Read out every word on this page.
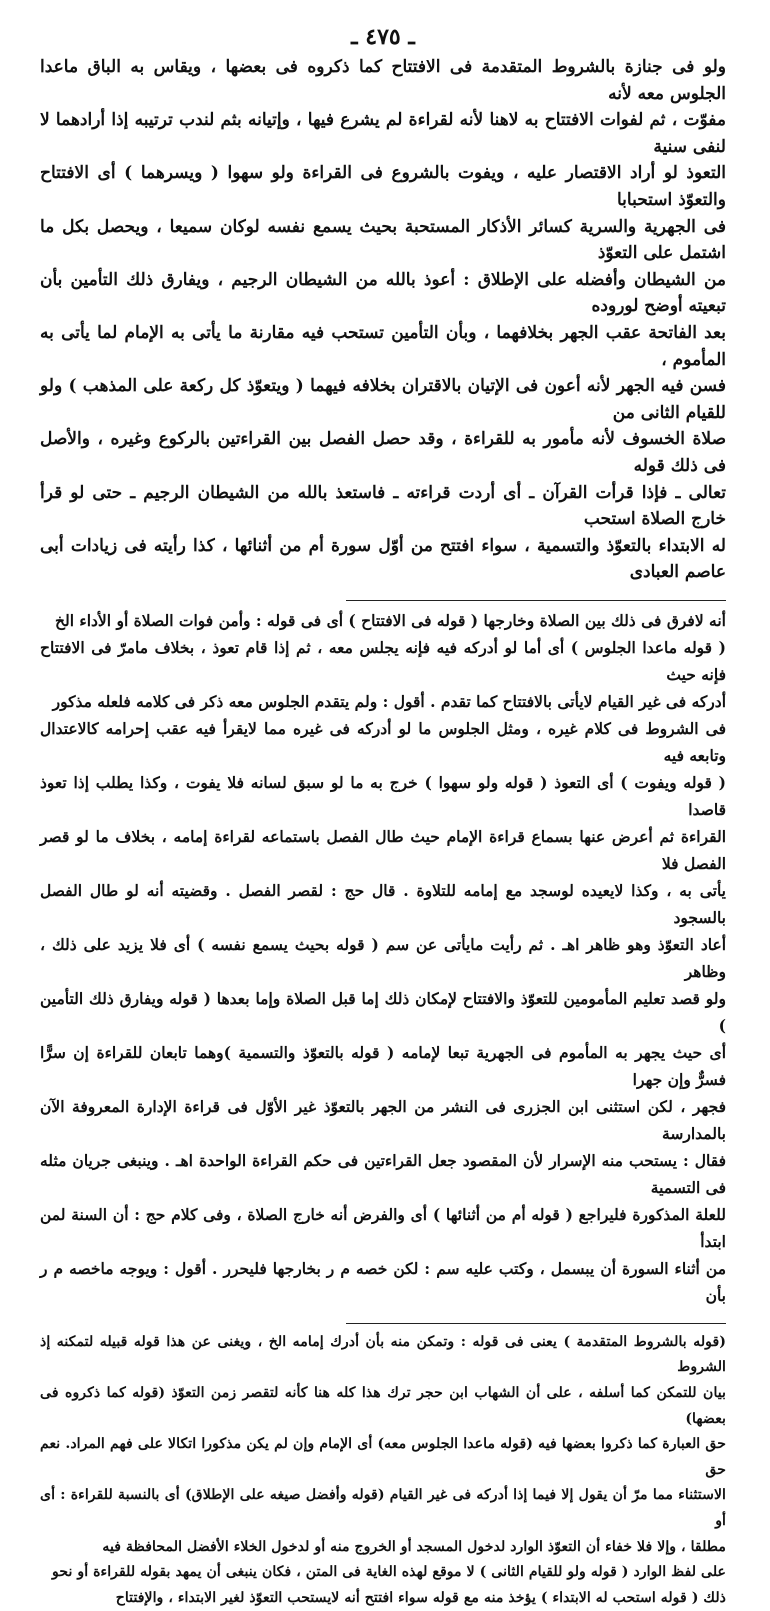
ـ ٤٧٥ ـ

ولو فى جنازة بالشروط المتقدمة فى الافتتاح كما ذكروه فى بعضها ، ويقاس به الباق ماعدا الجلوس معه لأنه

مفوّت ، ثم لفوات الافتتاح به لاهنا لأنه لقراءة لم يشرع فيها ، وإتيانه بثم لندب ترتيبه إذا أرادهما لا لنفى سنية

التعوذ لو أراد الاقتصار عليه ، ويفوت بالشروع فى القراءة ولو سهوا ( ويسرهما ) أى الافتتاح والتعوّذ استحبابا

فى الجهرية والسرية كسائر الأذكار المستحبة بحيث يسمع نفسه لوكان سميعا ، ويحصل بكل ما اشتمل على التعوّذ

من الشيطان وأفضله على الإطلاق : أعوذ بالله من الشيطان الرجيم ، ويفارق ذلك التأمين بأن تبعيته أوضح لوروده

بعد الفاتحة عقب الجهر بخلافهما ، وبأن التأمين تستحب فيه مقارنة ما يأتى به الإمام لما يأتى به المأموم ،

فسن فيه الجهر لأنه أعون فى الإتيان بالاقتران بخلافه فيهما ( ويتعوّذ كل ركعة على المذهب ) ولو للقيام الثانى من

صلاة الخسوف لأنه مأمور به للقراءة ، وقد حصل الفصل بين القراءتين بالركوع وغيره ، والأصل فى ذلك قوله

تعالى ـ فإذا قرأت القرآن ـ أى أردت قراءته ـ فاستعذ بالله من الشيطان الرجيم ـ حتى لو قرأ خارج الصلاة استحب

له الابتداء بالتعوّذ والتسمية ، سواء افتتح من أوّل سورة أم من أثنائها ، كذا رأيته فى زيادات أبى عاصم العبادى

أنه لافرق فى ذلك بين الصلاة وخارجها ( قوله فى الافتتاح ) أى فى قوله : وأمن فوات الصلاة أو الأداء الخ

( قوله ماعدا الجلوس ) أى أما لو أدركه فيه فإنه يجلس معه ، ثم إذا قام تعوذ ، بخلاف مامرّ فى الافتتاح فإنه حيث

أدركه فى غير القيام لايأتى بالافتتاح كما تقدم . أقول : ولم يتقدم الجلوس معه ذكر فى كلامه فلعله مذكور

فى الشروط فى كلام غيره ، ومثل الجلوس ما لو أدركه فى غيره مما لايقرأ فيه عقب إحرامه كالاعتدال وتابعه فيه

( قوله ويفوت ) أى التعوذ ( قوله ولو سهوا ) خرج به ما لو سبق لسانه فلا يفوت ، وكذا يطلب إذا تعوذ قاصدا

القراءة ثم أعرض عنها بسماع قراءة الإمام حيث طال الفصل باستماعه لقراءة إمامه ، بخلاف ما لو قصر الفصل فلا

يأتى به ، وكذا لايعيده لوسجد مع إمامه للتلاوة . قال حج : لقصر الفصل . وقضيته أنه لو طال الفصل بالسجود

أعاد التعوّذ وهو ظاهر اهـ . ثم رأيت مايأتى عن سم ( قوله بحيث يسمع نفسه ) أى فلا يزيد على ذلك ، وظاهر

ولو قصد تعليم المأمومين للتعوّذ والافتتاح لإمكان ذلك إما قبل الصلاة وإما بعدها ( قوله ويفارق ذلك التأمين )

أى حيث يجهر به المأموم فى الجهرية تبعا لإمامه ( قوله بالتعوّذ والتسمية )وهما تابعان للقراءة إن سرًّا فسرٌّ وإن جهرا

فجهر ، لكن استثنى ابن الجزرى فى النشر من الجهر بالتعوّذ غير الأوّل فى قراءة الإدارة المعروفة الآن بالمدارسة

فقال : يستحب منه الإسرار لأن المقصود جعل القراءتين فى حكم القراءة الواحدة اهـ . وينبغى جريان مثله فى التسمية

للعلة المذكورة فليراجع ( قوله أم من أثنائها ) أى والفرض أنه خارج الصلاة ، وفى كلام حج : أن السنة لمن ابتدأ

من أثناء السورة أن يبسمل ، وكتب عليه سم : لكن خصه م ر بخارجها فليحرر . أقول : ويوجه ماخصه م ر بأن

(قوله بالشروط المتقدمة ) يعنى فى قوله : وتمكن منه بأن أدرك إمامه الخ ، ويغنى عن هذا قوله قبيله لتمكنه إذ الشروط

بيان للتمكن كما أسلفه ، على أن الشهاب ابن حجر ترك هذا كله هنا كأنه لتقصر زمن التعوّذ (قوله كما ذكروه فى بعضها)

حق العبارة كما ذكروا بعضها فيه (قوله ماعدا الجلوس معه) أى الإمام وإن لم يكن مذكورا اتكالا على فهم المراد. نعم حق

الاستثناء مما مرّ أن يقول إلا فيما إذا أدركه فى غير القيام (قوله وأفضل صيغه على الإطلاق) أى بالنسبة للقراءة : أى أو

مطلقا ، وإلا فلا خفاء أن التعوّذ الوارد لدخول المسجد أو الخروج منه أو لدخول الخلاء الأفضل المحافظة فيه

على لفظ الوارد ( قوله ولو للقيام الثانى ) لا موقع لهذه الغاية فى المتن ، فكان ينبغى أن يمهد بقوله للقراءة أو نحو

ذلك ( قوله استحب له الابتداء ) يؤخذ منه مع قوله سواء افتتح أنه لايستحب التعوّذ لغير الابتداء ، والإفتتاح
